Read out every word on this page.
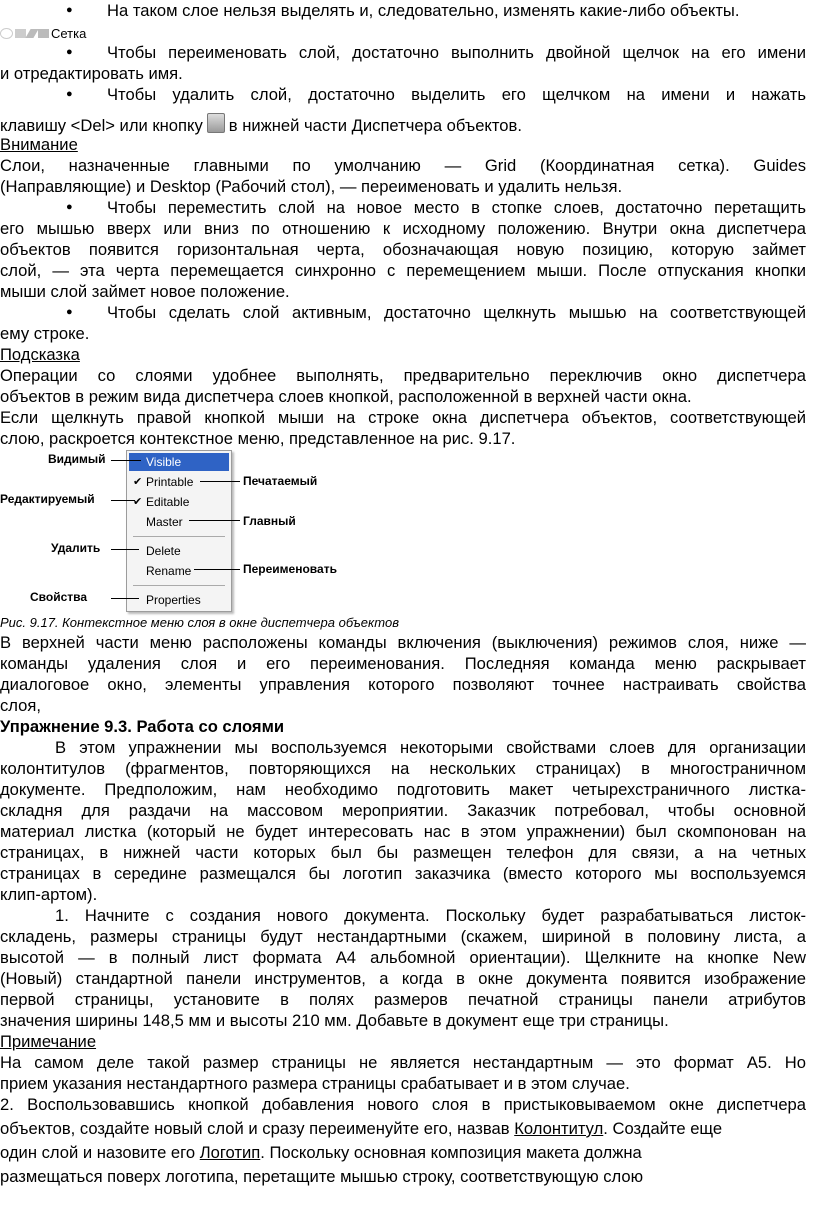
● На таком слое нельзя выделять и, следовательно, изменять какие-либо объекты.
Сетка
● Чтобы переименовать слой, достаточно выполнить двойной щелчок на его имени
и отредактировать имя.
● Чтобы удалить слой, достаточно выделить его щелчком на имени и нажать
клавишу <Del> или кнопку в нижней части Диспетчера объектов.
Внимание
Слои, назначенные главными по умолчанию — Grid (Координатная сетка). Guides
(Направляющие) и Desktop (Рабочий стол), — переименовать и удалить нельзя.
● Чтобы переместить слой на новое место в стопке слоев, достаточно перетащить
его мышью вверх или вниз по отношению к исходному положению. Внутри окна диспетчера
объектов появится горизонтальная черта, обозначающая новую позицию, которую займет
слой, — эта черта перемещается синхронно с перемещением мыши. После отпускания кнопки
мыши слой займет новое положение.
● Чтобы сделать слой активным, достаточно щелкнуть мышью на соответствующей
ему строке.
Подсказка
Операции со слоями удобнее выполнять, предварительно переключив окно диспетчера
объектов в режим вида диспетчера слоев кнопкой, расположенной в верхней части окна.
Если щелкнуть правой кнопкой мыши на строке окна диспетчера объектов, соответствующей
слою, раскроется контекстное меню, представленное на рис. 9.17.
Visible
✔ Printable
✔ Editable
Master
Delete
Rename
Properties
Видимый
Редактируемый
Удалить
Свойства
Печатаемый
Главный
Переименовать
Рис. 9.17. Контекстное меню слоя в окне диспетчера объектов
В верхней части меню расположены команды включения (выключения) режимов слоя, ниже —
команды удаления слоя и его переименования. Последняя команда меню раскрывает
диалоговое окно, элементы управления которого позволяют точнее настраивать свойства
слоя,
Упражнение 9.3. Работа со слоями
В этом упражнении мы воспользуемся некоторыми свойствами слоев для организации
колонтитулов (фрагментов, повторяющихся на нескольких страницах) в многостраничном
документе. Предположим, нам необходимо подготовить макет четырехстраничного листка-
складня для раздачи на массовом мероприятии. Заказчик потребовал, чтобы основной
материал листка (который не будет интересовать нас в этом упражнении) был скомпонован на
страницах, в нижней части которых был бы размещен телефон для связи, а на четных
страницах в середине размещался бы логотип заказчика (вместо которого мы воспользуемся
клип-артом).
1. Начните с создания нового документа. Поскольку будет разрабатываться листок-
складень, размеры страницы будут нестандартными (скажем, шириной в половину листа, а
высотой — в полный лист формата А4 альбомной ориентации). Щелкните на кнопке New
(Новый) стандартной панели инструментов, а когда в окне документа появится изображение
первой страницы, установите в полях размеров печатной страницы панели атрибутов
значения ширины 148,5 мм и высоты 210 мм. Добавьте в документ еще три страницы.
Примечание
На самом деле такой размер страницы не является нестандартным — это формат А5. Но
прием указания нестандартного размера страницы срабатывает и в этом случае.
2. Воспользовавшись кнопкой добавления нового слоя в пристыковываемом окне диспетчера
объектов, создайте новый слой и сразу переименуйте его, назвав Колонтитул. Создайте еще
один слой и назовите его Логотип. Поскольку основная композиция макета должна
размещаться поверх логотипа, перетащите мышью строку, соответствующую слою
